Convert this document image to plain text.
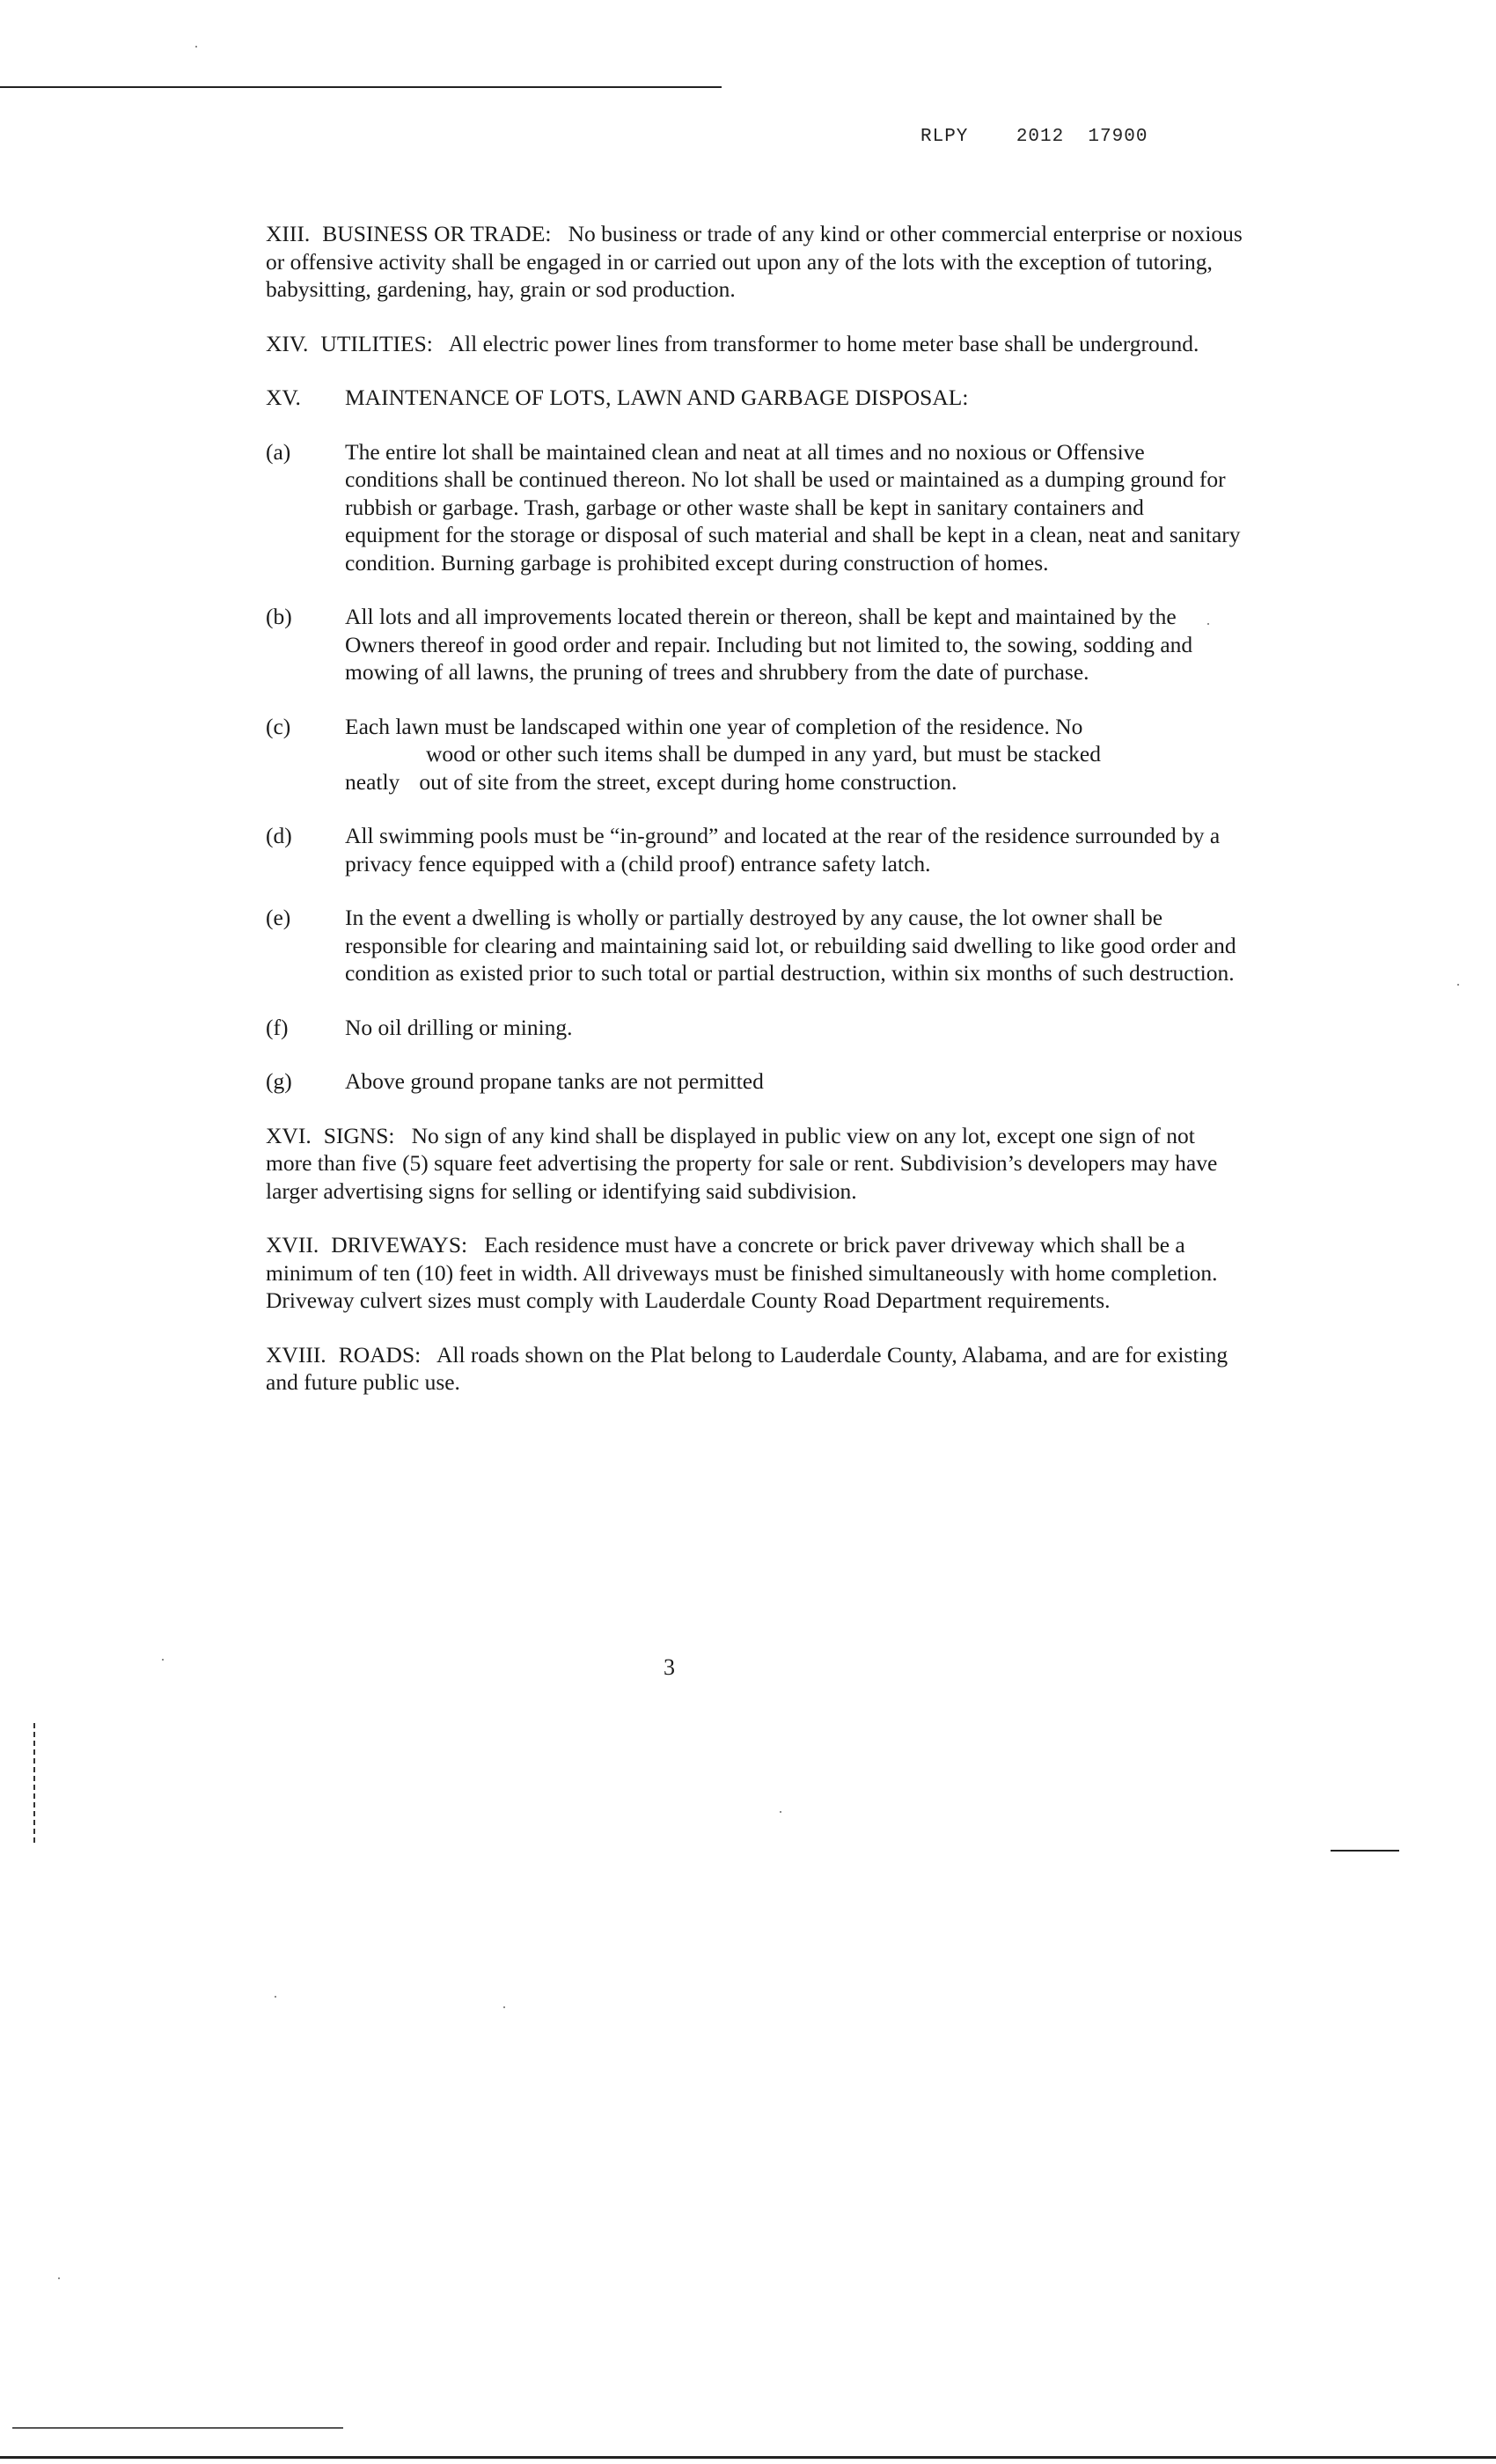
RLPY    2012  17900

XIII. BUSINESS OR TRADE: No business or trade of any kind or other commercial enterprise or noxious or offensive activity shall be engaged in or carried out upon any of the lots with the exception of tutoring, babysitting, gardening, hay, grain or sod production.

XIV. UTILITIES: All electric power lines from transformer to home meter base shall be underground.

XV. MAINTENANCE OF LOTS, LAWN AND GARBAGE DISPOSAL:

(a) The entire lot shall be maintained clean and neat at all times and no noxious or Offensive conditions shall be continued thereon. No lot shall be used or maintained as a dumping ground for rubbish or garbage. Trash, garbage or other waste shall be kept in sanitary containers and equipment for the storage or disposal of such material and shall be kept in a clean, neat and sanitary condition. Burning garbage is prohibited except during construction of homes.
(b) All lots and all improvements located therein or thereon, shall be kept and maintained by the Owners thereof in good order and repair. Including but not limited to, the sowing, sodding and mowing of all lawns, the pruning of trees and shrubbery from the date of purchase.
(c) Each lawn must be landscaped within one year of completion of the residence. No
wood or other such items shall be dumped in any yard, but must be stacked
neatly out of site from the street, except during home construction.
(d) All swimming pools must be “in-ground” and located at the rear of the residence surrounded by a privacy fence equipped with a (child proof) entrance safety latch.
(e) In the event a dwelling is wholly or partially destroyed by any cause, the lot owner shall be responsible for clearing and maintaining said lot, or rebuilding said dwelling to like good order and condition as existed prior to such total or partial destruction, within six months of such destruction.
(f)	No oil drilling or mining.
(g) Above ground propane tanks are not permitted

XVI. SIGNS: No sign of any kind shall be displayed in public view on any lot, except one sign of not more than five (5) square feet advertising the property for sale or rent. Subdivision’s developers may have larger advertising signs for selling or identifying said subdivision.

XVII. DRIVEWAYS: Each residence must have a concrete or brick paver driveway which shall be a minimum of ten (10) feet in width. All driveways must be finished simultaneously with home completion. Driveway culvert sizes must comply with Lauderdale County Road Department requirements.

XVIII. ROADS: All roads shown on the Plat belong to Lauderdale County, Alabama, and are for existing and future public use.

3
